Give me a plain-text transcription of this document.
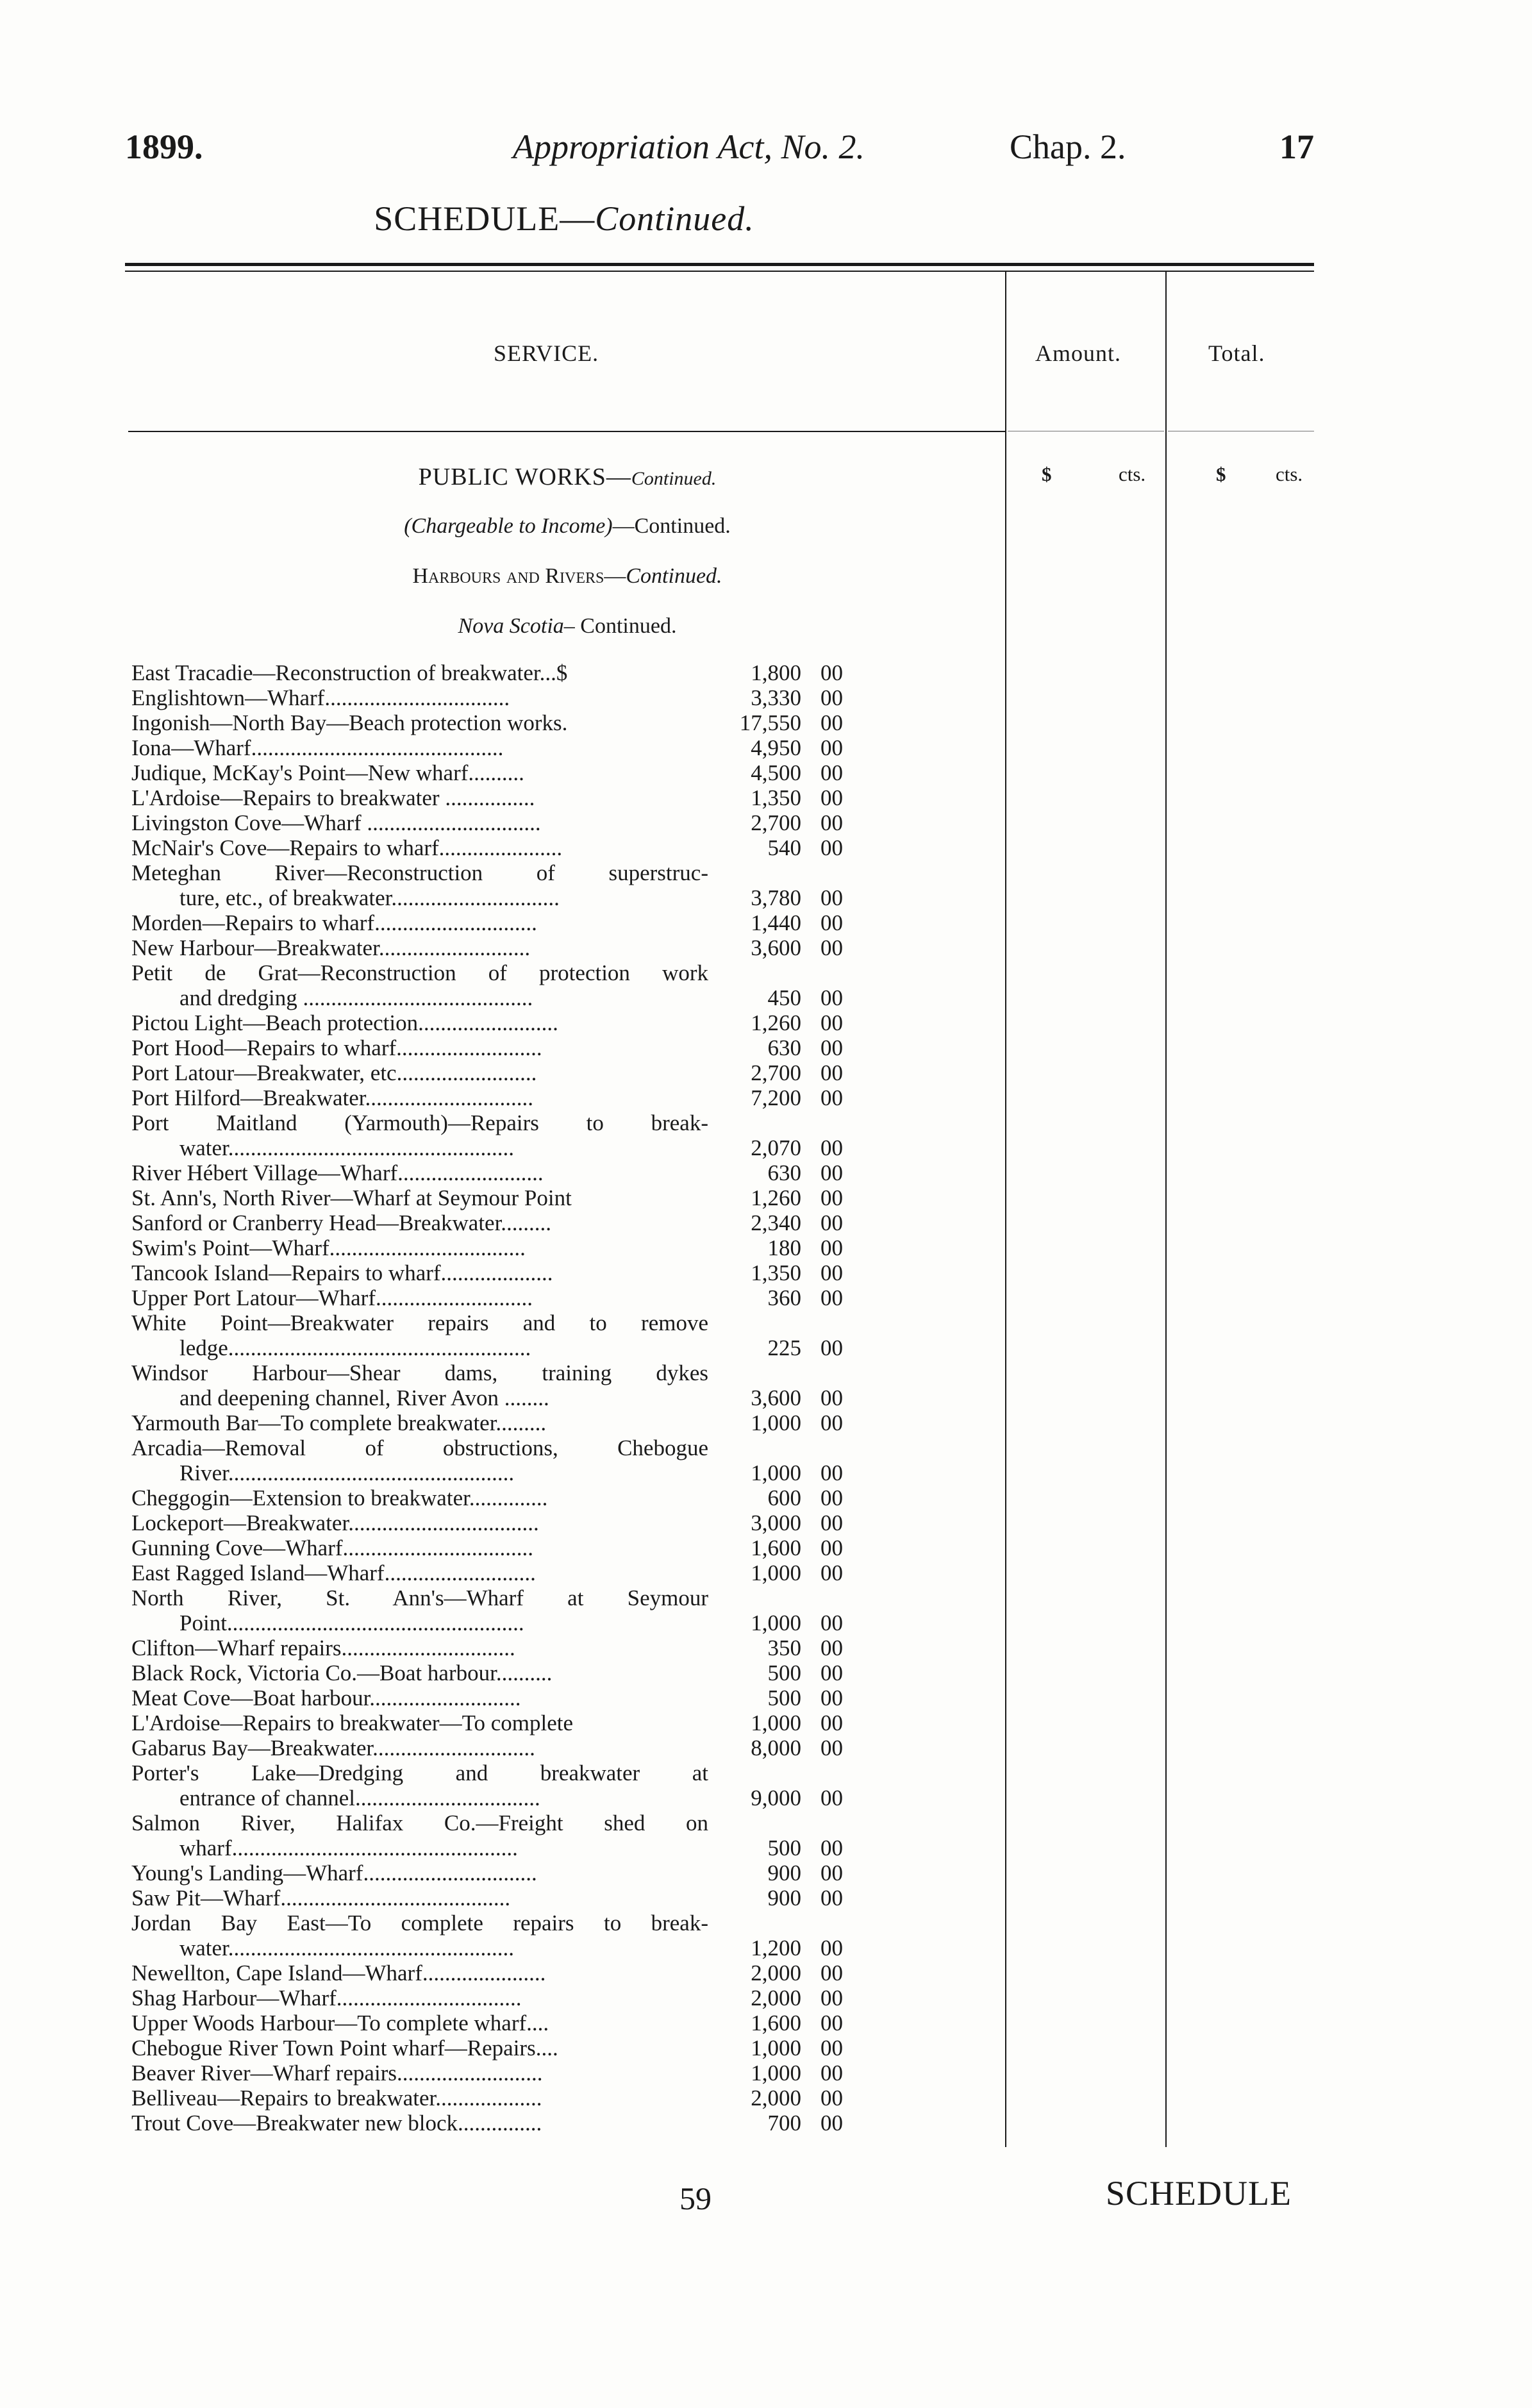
1899.	Appropriation Act, No. 2.	Chap. 2.	17
SCHEDULE—Continued.
SERVICE.	Amount.	Total.
$	cts.	$	cts.
PUBLIC WORKS—Continued.
(Chargeable to Income)—Continued.
Harbours and Rivers—Continued.
Nova Scotia– Continued.
East Tracadie—Reconstruction of breakwater...$	1,800 00
Englishtown—Wharf.................................	3,330 00
Ingonish—North Bay—Beach protection works.	17,550 00
Iona—Wharf.............................................	4,950 00
Judique, McKay's Point—New wharf..........	4,500 00
L'Ardoise—Repairs to breakwater ................	1,350 00
Livingston Cove—Wharf ...............................	2,700 00
McNair's Cove—Repairs to wharf......................	540 00
Meteghan River—Reconstruction of superstruc-
ture, etc., of breakwater..............................	3,780 00
Morden—Repairs to wharf.............................	1,440 00
New Harbour—Breakwater...........................	3,600 00
Petit de Grat—Reconstruction of protection work
and dredging .........................................	450 00
Pictou Light—Beach protection.........................	1,260 00
Port Hood—Repairs to wharf..........................	630 00
Port Latour—Breakwater, etc.........................	2,700 00
Port Hilford—Breakwater..............................	7,200 00
Port Maitland (Yarmouth)—Repairs to break-
water...................................................	2,070 00
River Hébert Village—Wharf..........................	630 00
St. Ann's, North River—Wharf at Seymour Point	1,260 00
Sanford or Cranberry Head—Breakwater.........	2,340 00
Swim's Point—Wharf...................................	180 00
Tancook Island—Repairs to wharf....................	1,350 00
Upper Port Latour—Wharf............................	360 00
White Point—Breakwater repairs and to remove
ledge......................................................	225 00
Windsor Harbour—Shear dams, training dykes
and deepening channel, River Avon ........	3,600 00
Yarmouth Bar—To complete breakwater.........	1,000 00
Arcadia—Removal of obstructions, Chebogue
River...................................................	1,000 00
Cheggogin—Extension to breakwater..............	600 00
Lockeport—Breakwater..................................	3,000 00
Gunning Cove—Wharf..................................	1,600 00
East Ragged Island—Wharf...........................	1,000 00
North River, St. Ann's—Wharf at Seymour
Point.....................................................	1,000 00
Clifton—Wharf repairs...............................	350 00
Black Rock, Victoria Co.—Boat harbour..........	500 00
Meat Cove—Boat harbour...........................	500 00
L'Ardoise—Repairs to breakwater—To complete	1,000 00
Gabarus Bay—Breakwater.............................	8,000 00
Porter's Lake—Dredging and breakwater at
entrance of channel.................................	9,000 00
Salmon River, Halifax Co.—Freight shed on
wharf...................................................	500 00
Young's Landing—Wharf...............................	900 00
Saw Pit—Wharf.........................................	900 00
Jordan Bay East—To complete repairs to break-
water...................................................	1,200 00
Newellton, Cape Island—Wharf......................	2,000 00
Shag Harbour—Wharf.................................	2,000 00
Upper Woods Harbour—To complete wharf....	1,600 00
Chebogue River Town Point wharf—Repairs....	1,000 00
Beaver River—Wharf repairs..........................	1,000 00
Belliveau—Repairs to breakwater...................	2,000 00
Trout Cove—Breakwater new block...............	700 00
59	SCHEDULE
